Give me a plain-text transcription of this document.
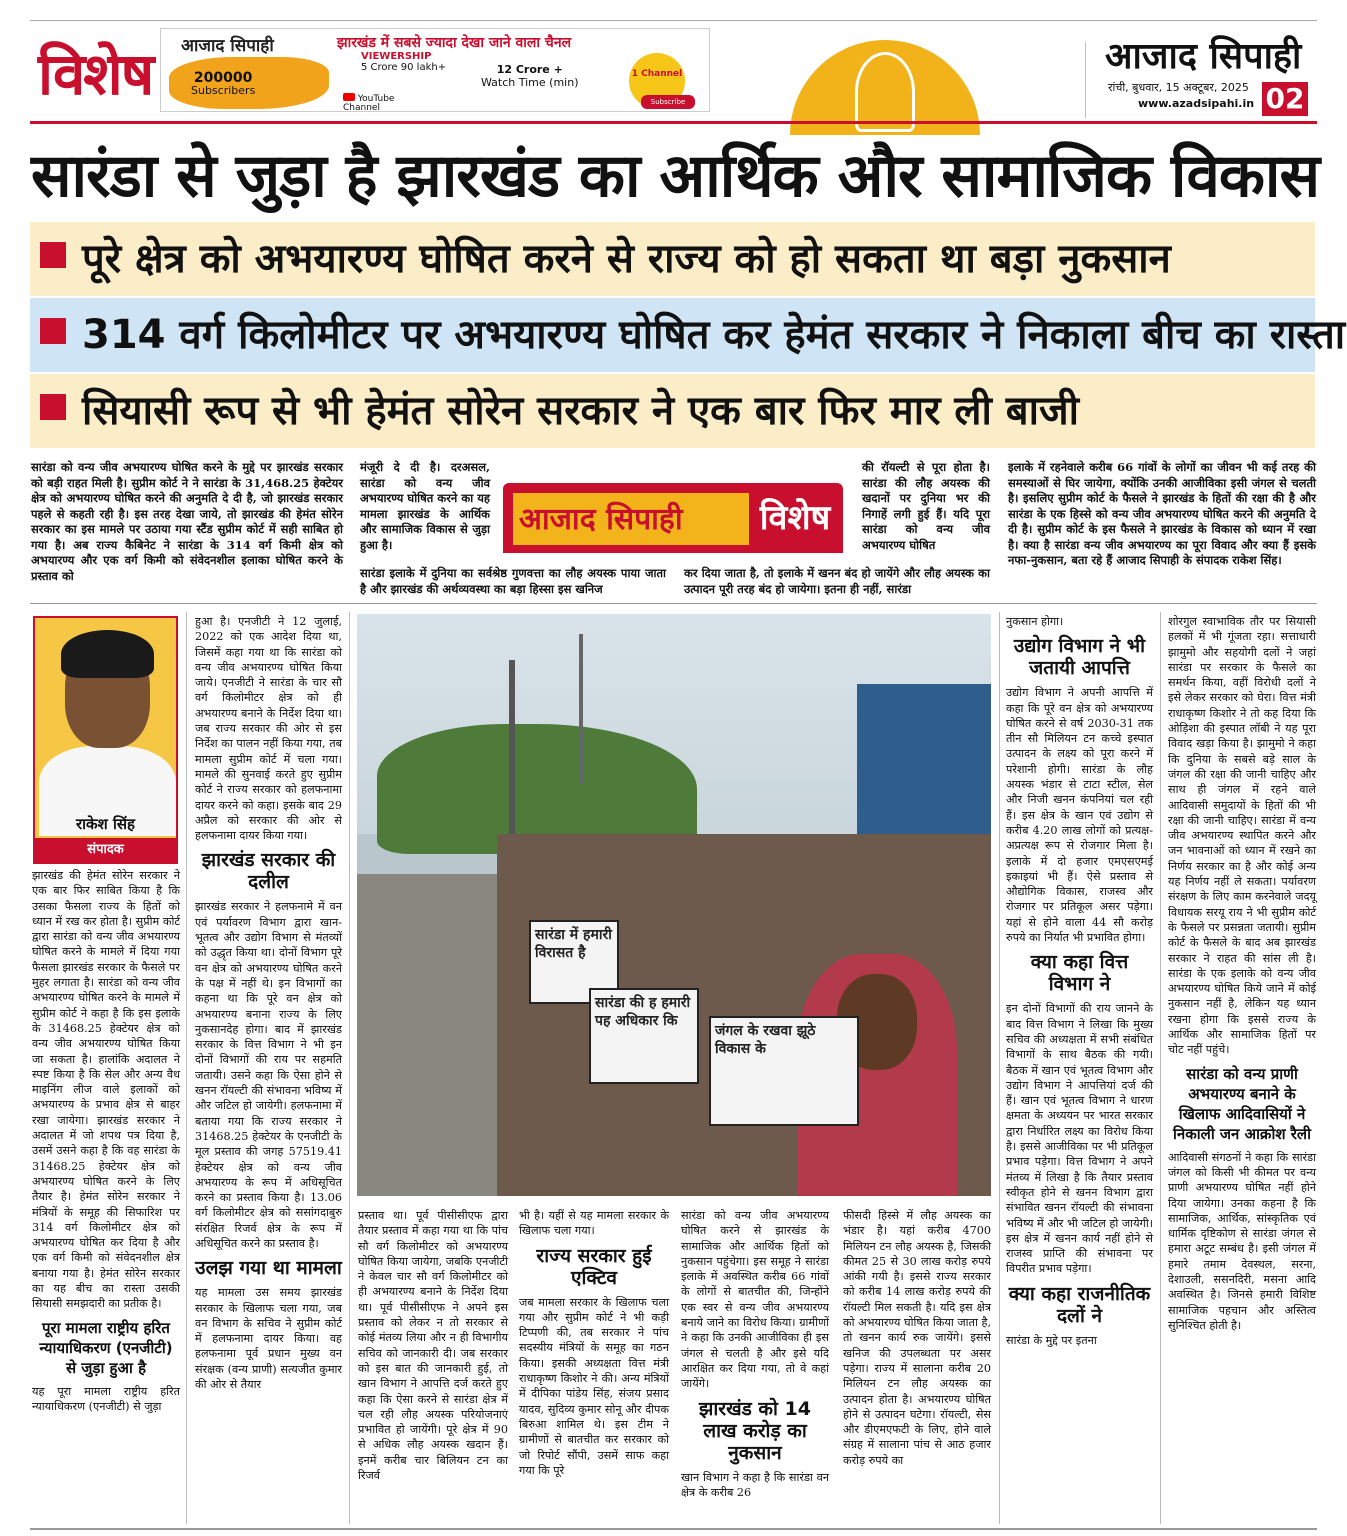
विशेष आजाद सिपाही	झारखंड में सबसे ज्यादा देखा जाने वाला चैनल
200000
Subscribers
VIEWERSHIP
5 Crore 90 lakh+	12 Crore +
Watch Time (min)
YouTube
Channel
1 Channel
Subscribe NOW
आजाद सिपाही
रांची, बुधवार, 15 अक्टूबर, 2025
www.azadsipahi.in 02
सारंडा से जुड़ा है झारखंड का आर्थिक और सामाजिक विकास
पूरे क्षेत्र को अभयारण्य घोषित करने से राज्य को हो सकता था बड़ा नुकसान
314 वर्ग किलोमीटर पर अभयारण्य घोषित कर हेमंत सरकार ने निकाला बीच का रास्ता
सियासी रूप से भी हेमंत सोरेन सरकार ने एक बार फिर मार ली बाजी
सारंडा को वन्य जीव अभयारण्य घोषित करने के मुद्दे पर झारखंड सरकार को बड़ी राहत मिली है। सुप्रीम कोर्ट ने ने सारंडा के 31,468.25 हेक्टेयर क्षेत्र को अभयारण्य घोषित करने की अनुमति दे दी है, जो झारखंड सरकार पहले से कहती रही है। इस तरह देखा जाये, तो झारखंड की हेमंत सोरेन सरकार का इस मामले पर उठाया गया स्टैंड सुप्रीम कोर्ट में सही साबित हो गया है। अब राज्य कैबिनेट ने सारंडा के 314 वर्ग किमी क्षेत्र को अभयारण्य और एक वर्ग किमी को संवेदनशील इलाका घोषित करने के प्रस्ताव को
मंजूरी दे दी है। दरअसल, सारंडा को वन्य जीव अभयारण्य घोषित करने का यह मामला झारखंड के आर्थिक और सामाजिक विकास से जुड़ा हुआ है।
सारंडा इलाके में दुनिया का सर्वश्रेष्ठ गुणवत्ता का लौह अयस्क पाया जाता है और झारखंड की अर्थव्यवस्था का बड़ा हिस्सा इस खनिज
की रॉयल्टी से पूरा होता है। सारंडा की लौह अयस्क की खदानों पर दुनिया भर की निगाहें लगी हुई हैं। यदि पूरा सारंडा को वन्य जीव अभयारण्य घोषित
कर दिया जाता है, तो इलाके में खनन बंद हो जायेंगे और लौह अयस्क का उत्पादन पूरी तरह बंद हो जायेगा। इतना ही नहीं, सारंडा
इलाके में रहनेवाले करीब 66 गांवों के लोगों का जीवन भी कई तरह की समस्याओं से घिर जायेगा, क्योंकि उनकी आजीविका इसी जंगल से चलती है। इसलिए सुप्रीम कोर्ट के फैसले ने झारखंड के हितों की रक्षा की है और सारंडा के एक हिस्से को वन्य जीव अभयारण्य घोषित करने की अनुमति दे दी है। सुप्रीम कोर्ट के इस फैसले ने झारखंड के विकास को ध्यान में रखा है। क्या है सारंडा वन्य जीव अभयारण्य का पूरा विवाद और क्या हैं इसके नफा-नुकसान, बता रहे हैं आजाद सिपाही के संपादक राकेश सिंह।
आजाद सिपाही	विशेष
राकेश सिंह
संपादक

झारखंड की हेमंत सोरेन सरकार ने एक बार फिर साबित किया है कि उसका फैसला राज्य के हितों को ध्यान में रख कर होता है। सुप्रीम कोर्ट द्वारा सारंडा को वन्य जीव अभयारण्य घोषित करने के मामले में दिया गया फैसला झारखंड सरकार के फैसले पर मुहर लगाता है। सारंडा को वन्य जीव अभयारण्य घोषित करने के मामले में सुप्रीम कोर्ट ने कहा है कि इस इलाके के 31468.25 हेक्टेयर क्षेत्र को वन्य जीव अभयारण्य घोषित किया जा सकता है। हालांकि अदालत ने स्पष्ट किया है कि सेल और अन्य वैध माइनिंग लीज वाले इलाकों को अभयारण्य के प्रभाव क्षेत्र से बाहर रखा जायेगा। झारखंड सरकार ने अदालत में जो शपथ पत्र दिया है, उसमें उसने कहा है कि वह सारंडा के 31468.25 हेक्टेयर क्षेत्र को अभयारण्य घोषित करने के लिए तैयार है। हेमंत सोरेन सरकार ने मंत्रियों के समूह की सिफारिश पर 314 वर्ग किलोमीटर क्षेत्र को अभयारण्य घोषित कर दिया है और एक वर्ग किमी को संवेदनशील क्षेत्र बनाया गया है। हेमंत सोरेन सरकार का यह बीच का रास्ता उसकी सियासी समझदारी का प्रतीक है।

पूरा मामला राष्ट्रीय हरित न्यायाधिकरण (एनजीटी) से जुड़ा हुआ है

यह पूरा मामला राष्ट्रीय हरित न्यायाधिकरण (एनजीटी) से जुड़ा

हुआ है। एनजीटी ने 12 जुलाई, 2022 को एक आदेश दिया था, जिसमें कहा गया था कि सारंडा को वन्य जीव अभयारण्य घोषित किया जाये। एनजीटी ने सारंडा के चार सौ वर्ग किलोमीटर क्षेत्र को ही अभयारण्य बनाने के निर्देश दिया था। जब राज्य सरकार की ओर से इस निर्देश का पालन नहीं किया गया, तब मामला सुप्रीम कोर्ट में चला गया। मामले की सुनवाई करते हुए सुप्रीम कोर्ट ने राज्य सरकार को हलफनामा दायर करने को कहा। इसके बाद 29 अप्रैल को सरकार की ओर से हलफनामा दायर किया गया।

झारखंड सरकार की दलील

झारखंड सरकार ने हलफनामे में वन एवं पर्यावरण विभाग द्वारा खान-भूतत्व और उद्योग विभाग से मंतव्यों को उद्धृत किया था। दोनों विभाग पूरे वन क्षेत्र को अभयारण्य घोषित करने के पक्ष में नहीं थे। इन विभागों का कहना था कि पूरे वन क्षेत्र को अभयारण्य बनाना राज्य के लिए नुकसानदेह होगा। बाद में झारखंड सरकार के वित्त विभाग ने भी इन दोनों विभागों की राय पर सहमति जतायी। उसने कहा कि ऐसा होने से खनन रॉयल्टी की संभावना भविष्य में और जटिल हो जायेगी। हलफनामा में बताया गया कि राज्य सरकार ने 31468.25 हेक्टेयर के एनजीटी के मूल प्रस्ताव की जगह 57519.41 हेक्टेयर क्षेत्र को वन्य जीव अभयारण्य के रूप में अधिसूचित करने का प्रस्ताव किया है। 13.06 वर्ग किलोमीटर क्षेत्र को ससांगदाबुरु संरक्षित रिजर्व क्षेत्र के रूप में अधिसूचित करने का प्रस्ताव है।

उलझ गया था मामला

यह मामला उस समय झारखंड सरकार के खिलाफ चला गया, जब वन विभाग के सचिव ने सुप्रीम कोर्ट में हलफनामा दायर किया। वह हलफनामा पूर्व प्रधान मुख्य वन संरक्षक (वन्य प्राणी) सत्यजीत कुमार की ओर से तैयार

सारंडा में हमारी विरासत है
सारंडा की ह हमारी पह अधिकार कि
जंगल के रखवा झूठे विकास के

प्रस्ताव था। पूर्व पीसीसीएफ द्वारा तैयार प्रस्ताव में कहा गया था कि पांच सौ वर्ग किलोमीटर को अभयारण्य घोषित किया जायेगा, जबकि एनजीटी ने केवल चार सौ वर्ग किलोमीटर को ही अभयारण्य बनाने के निर्देश दिया था। पूर्व पीसीसीएफ ने अपने इस प्रस्ताव को लेकर न तो सरकार से कोई मंतव्य लिया और न ही विभागीय सचिव को जानकारी दी। जब सरकार को इस बात की जानकारी हुई, तो खान विभाग ने आपत्ति दर्ज करते हुए कहा कि ऐसा करने से सारंडा क्षेत्र में चल रही लौह अयस्क परियोजनाएं प्रभावित हो जायेंगी। पूरे क्षेत्र में 90 से अधिक लौह अयस्क खदान हैं। इनमें करीब चार बिलियन टन का रिजर्व

भी है। यहीं से यह मामला सरकार के खिलाफ चला गया।

राज्य सरकार हुई एक्टिव

जब मामला सरकार के खिलाफ चला गया और सुप्रीम कोर्ट ने भी कड़ी टिप्पणी की, तब सरकार ने पांच सदस्यीय मंत्रियों के समूह का गठन किया। इसकी अध्यक्षता वित्त मंत्री राधाकृष्ण किशोर ने की। अन्य मंत्रियों में दीपिका पांडेय सिंह, संजय प्रसाद यादव, सुदिव्य कुमार सोनू और दीपक बिरुआ शामिल थे। इस टीम ने ग्रामीणों से बातचीत कर सरकार को जो रिपोर्ट सौंपी, उसमें साफ कहा गया कि पूरे

सारंडा को वन्य जीव अभयारण्य घोषित करने से झारखंड के सामाजिक और आर्थिक हितों को नुकसान पहुंचेगा। इस समूह ने सारंडा इलाके में अवस्थित करीब 66 गांवों के लोगों से बातचीत की, जिन्होंने एक स्वर से वन्य जीव अभयारण्य बनाये जाने का विरोध किया। ग्रामीणों ने कहा कि उनकी आजीविका ही इस जंगल से चलती है और इसे यदि आरक्षित कर दिया गया, तो वे कहां जायेंगे।

झारखंड को 14 लाख करोड़ का नुकसान

खान विभाग ने कहा है कि सारंडा वन क्षेत्र के करीब 26

फीसदी हिस्से में लौह अयस्क का भंडार है। यहां करीब 4700 मिलियन टन लौह अयस्क है, जिसकी कीमत 25 से 30 लाख करोड़ रुपये आंकी गयी है। इससे राज्य सरकार को करीब 14 लाख करोड़ रुपये की रॉयल्टी मिल सकती है। यदि इस क्षेत्र को अभयारण्य घोषित किया जाता है, तो खनन कार्य रुक जायेंगे। इससे खनिज की उपलब्धता पर असर पड़ेगा। राज्य में सालाना करीब 20 मिलियन टन लौह अयस्क का उत्पादन होता है। अभयारण्य घोषित होने से उत्पादन घटेगा। रॉयल्टी, सेस और डीएमएफटी के लिए, होने वाले संग्रह में सालाना पांच से आठ हजार करोड़ रुपये का

नुकसान होगा।

उद्योग विभाग ने भी जतायी आपत्ति

उद्योग विभाग ने अपनी आपत्ति में कहा कि पूरे वन क्षेत्र को अभयारण्य घोषित करने से वर्ष 2030-31 तक तीन सौ मिलियन टन कच्चे इस्पात उत्पादन के लक्ष्य को पूरा करने में परेशानी होगी। सारंडा के लौह अयस्क भंडार से टाटा स्टील, सेल और निजी खनन कंपनियां चल रही हैं। इस क्षेत्र के खान एवं उद्योग से करीब 4.20 लाख लोगों को प्रत्यक्ष-अप्रत्यक्ष रूप से रोजगार मिला है। इलाके में दो हजार एमएसएमई इकाइयां भी हैं। ऐसे प्रस्ताव से औद्योगिक विकास, राजस्व और रोजगार पर प्रतिकूल असर पड़ेगा। यहां से होने वाला 44 सौ करोड़ रुपये का निर्यात भी प्रभावित होगा।

क्या कहा वित्त विभाग ने

इन दोनों विभागों की राय जानने के बाद वित्त विभाग ने लिखा कि मुख्य सचिव की अध्यक्षता में सभी संबंधित विभागों के साथ बैठक की गयी। बैठक में खान एवं भूतत्व विभाग और उद्योग विभाग ने आपत्तियां दर्ज की हैं। खान एवं भूतत्व विभाग ने धारण क्षमता के अध्ययन पर भारत सरकार द्वारा निर्धारित लक्ष्य का विरोध किया है। इससे आजीविका पर भी प्रतिकूल प्रभाव पड़ेगा। वित्त विभाग ने अपने मंतव्य में लिखा है कि तैयार प्रस्ताव स्वीकृत होने से खनन विभाग द्वारा संभावित खनन रॉयल्टी की संभावना भविष्य में और भी जटिल हो जायेगी। इस क्षेत्र में खनन कार्य नहीं होने से राजस्व प्राप्ति की संभावना पर विपरीत प्रभाव पड़ेगा।

क्या कहा राजनीतिक दलों ने

सारंडा के मुद्दे पर इतना

शोरगुल स्वाभाविक तौर पर सियासी हलकों में भी गूंजता रहा। सत्ताधारी झामुमो और सहयोगी दलों ने जहां सारंडा पर सरकार के फैसले का समर्थन किया, वहीं विरोधी दलों ने इसे लेकर सरकार को घेरा। वित्त मंत्री राधाकृष्ण किशोर ने तो कह दिया कि ओड़िशा की इस्पात लॉबी ने यह पूरा विवाद खड़ा किया है। झामुमो ने कहा कि दुनिया के सबसे बड़े साल के जंगल की रक्षा की जानी चाहिए और साथ ही जंगल में रहने वाले आदिवासी समुदायों के हितों की भी रक्षा की जानी चाहिए। सारंडा में वन्य जीव अभयारण्य स्थापित करने और जन भावनाओं को ध्यान में रखने का निर्णय सरकार का है और कोई अन्य यह निर्णय नहीं ले सकता। पर्यावरण संरक्षण के लिए काम करनेवाले जदयू विधायक सरयू राय ने भी सुप्रीम कोर्ट के फैसले पर प्रसन्नता जतायी। सुप्रीम कोर्ट के फैसले के बाद अब झारखंड सरकार ने राहत की सांस ली है। सारंडा के एक इलाके को वन्य जीव अभयारण्य घोषित किये जाने में कोई नुकसान नहीं है, लेकिन यह ध्यान रखना होगा कि इससे राज्य के आर्थिक और सामाजिक हितों पर चोट नहीं पहुंचे।

सारंडा को वन्य प्राणी अभयारण्य बनाने के खिलाफ आदिवासियों ने निकाली जन आक्रोश रैली

आदिवासी संगठनों ने कहा कि सारंडा जंगल को किसी भी कीमत पर वन्य प्राणी अभयारण्य घोषित नहीं होने दिया जायेगा। उनका कहना है कि सामाजिक, आर्थिक, सांस्कृतिक एवं धार्मिक दृष्टिकोण से सारंडा जंगल से हमारा अटूट सम्बंध है। इसी जंगल में हमारे तमाम देवस्थल, सरना, देशाउली, ससनदिरी, मसना आदि अवस्थित है। जिनसे हमारी विशिष्ट सामाजिक पहचान और अस्तित्व सुनिश्चित होती है।
